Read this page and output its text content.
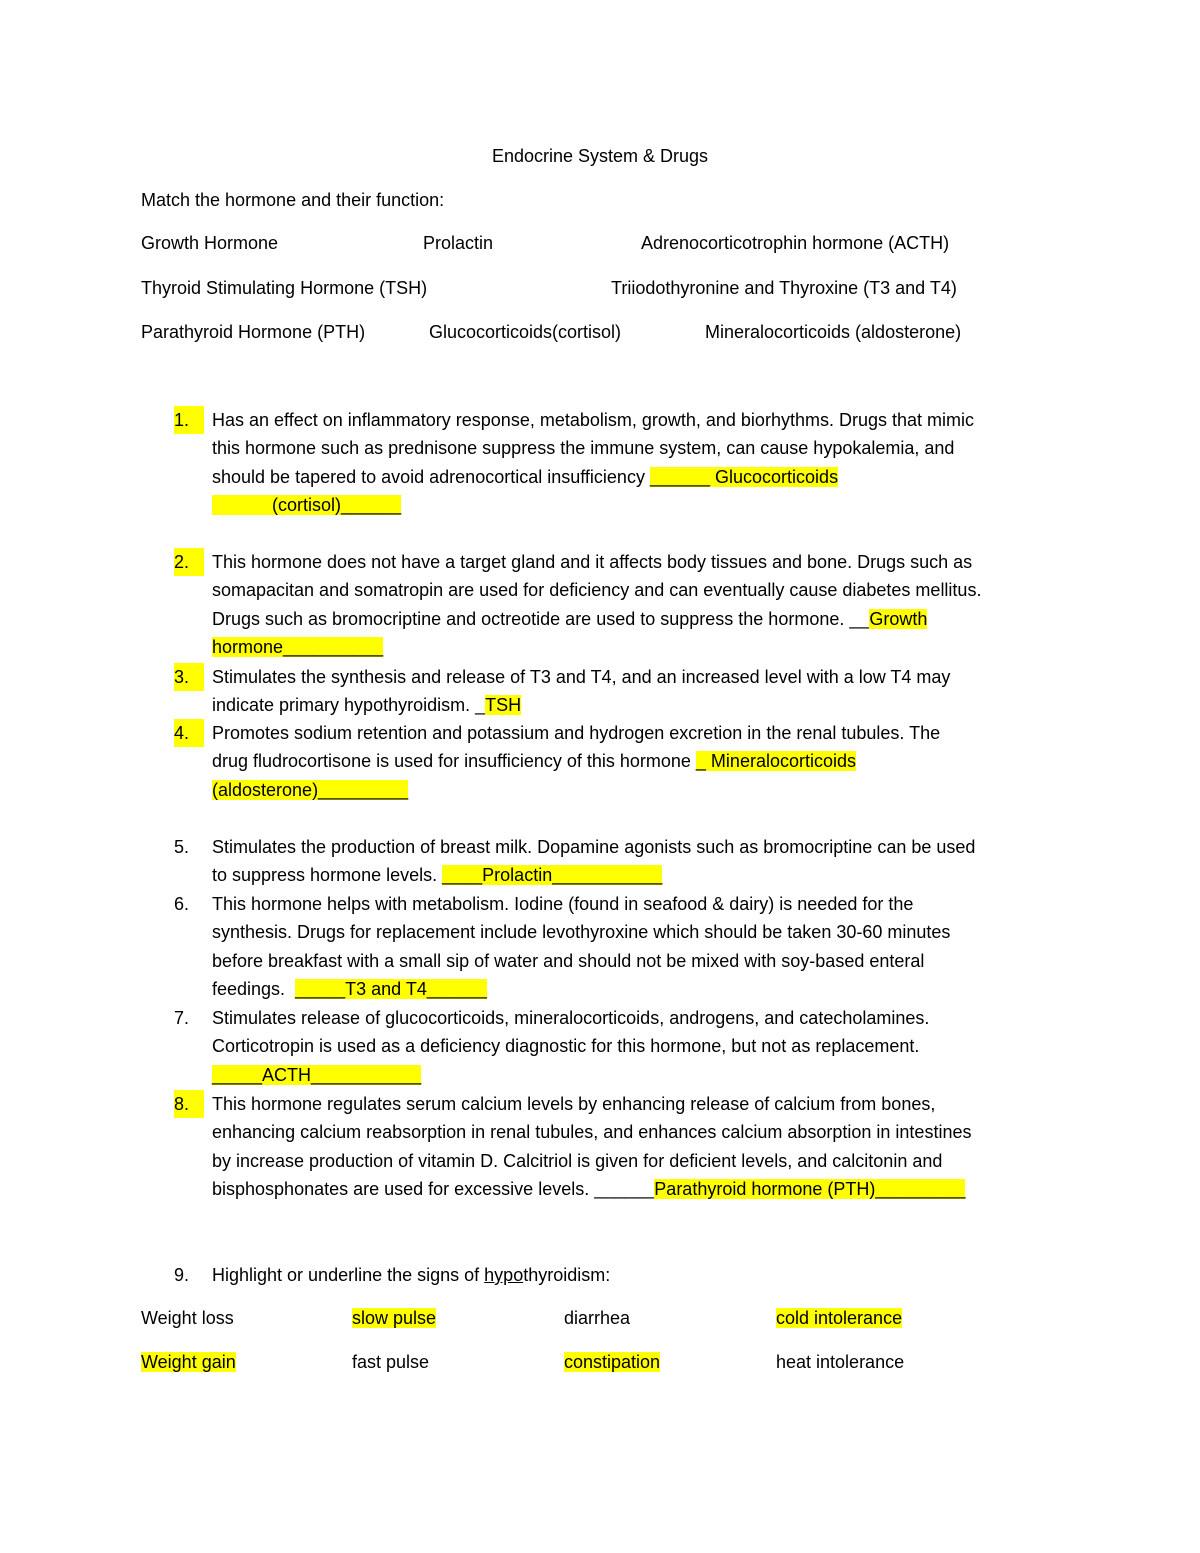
Endocrine System & Drugs
Match the hormone and their function:
Growth Hormone	Prolactin	Adrenocorticotrophin hormone (ACTH)
Thyroid Stimulating Hormone (TSH)	Triiodothyronine and Thyroxine (T3 and T4)
Parathyroid Hormone (PTH)	Glucocorticoids(cortisol)	Mineralocorticoids (aldosterone)
1.	Has an effect on inflammatory response, metabolism, growth, and biorhythms. Drugs that mimic
this hormone such as prednisone suppress the immune system, can cause hypokalemia, and
should be tapered to avoid adrenocortical insufficiency ______ Glucocorticoids
(cortisol)______
2.	This hormone does not have a target gland and it affects body tissues and bone. Drugs such as
somapacitan and somatropin are used for deficiency and can eventually cause diabetes mellitus.
Drugs such as bromocriptine and octreotide are used to suppress the hormone. __Growth
hormone__________
3.	Stimulates the synthesis and release of T3 and T4, and an increased level with a low T4 may
indicate primary hypothyroidism. _TSH
4.	Promotes sodium retention and potassium and hydrogen excretion in the renal tubules. The
drug fludrocortisone is used for insufficiency of this hormone _ Mineralocorticoids
(aldosterone)_________
5.	Stimulates the production of breast milk. Dopamine agonists such as bromocriptine can be used
to suppress hormone levels. ____Prolactin___________
6.	This hormone helps with metabolism. Iodine (found in seafood & dairy) is needed for the
synthesis. Drugs for replacement include levothyroxine which should be taken 30-60 minutes
before breakfast with a small sip of water and should not be mixed with soy-based enteral
feedings.  _____T3 and T4______
7.	Stimulates release of glucocorticoids, mineralocorticoids, androgens, and catecholamines.
Corticotropin is used as a deficiency diagnostic for this hormone, but not as replacement.
_____ACTH___________
8.	This hormone regulates serum calcium levels by enhancing release of calcium from bones,
enhancing calcium reabsorption in renal tubules, and enhances calcium absorption in intestines
by increase production of vitamin D. Calcitriol is given for deficient levels, and calcitonin and
bisphosphonates are used for excessive levels. ______Parathyroid hormone (PTH)_________
9.	Highlight or underline the signs of hypothyroidism:
Weight loss	slow pulse	diarrhea	cold intolerance
Weight gain	fast pulse	constipation	heat intolerance
